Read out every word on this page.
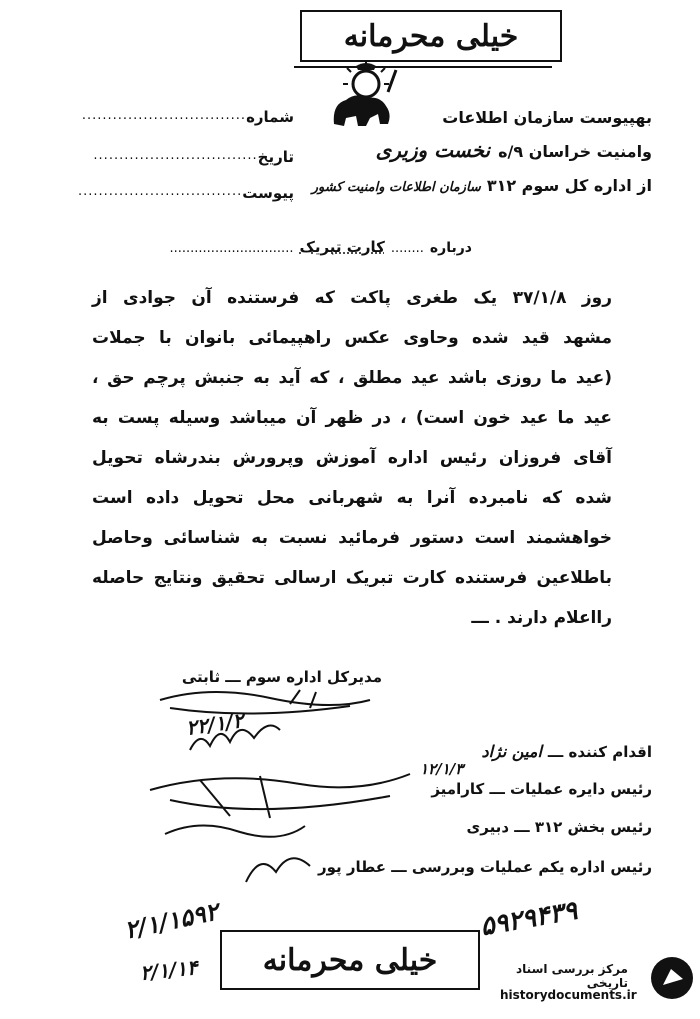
خیلی محرمانه
بهپیوست سازمان اطلاعات
وامنیت خراسان ۹/ه
نخست وزیری
از اداره کل سوم ۳۱۲
سازمان اطلاعات وامنیت کشور
شماره
................................
تاریخ
................................
پیوست
................................
درباره
........
کارت تبریک
..............................
روز ۳۷/۱/۸ یک طغری پاکت که فرستنده آن جوادی از
مشهد قید شده وحاوی عکس راهپیمائی بانوان با جملات
(عید ما روزی باشد عید مطلق ، که آید به جنبش پرچم حق ،
عید ما عید خون است) ، در ظهر آن میباشد وسیله پست به
آقای فروزان رئیس اداره آموزش وپرورش بندرشاه تحویل
شده که نامبرده آنرا به شهربانی محل تحویل داده است
خواهشمند است دستور فرمائید نسبت به شناسائی وحاصل
باطلاعین فرستنده کارت تبریک ارسالی تحقیق ونتایج حاصله
رااعلام دارند . ـــ
مدیرکل اداره سوم ـــ ثابتی
اقدام کننده ـــ
امین نژاد
۱۲/۱/۳
رئیس دایره عملیات ـــ کارامیز
رئیس بخش ۳۱۲ ـــ دبیری
رئیس اداره یکم عملیات وبررسی ـــ عطار پور
۲۲/۱/۲
۲/۱/۱۵۹۲
۲/۱/۱۴
۵۹۲۹۴۳۹
خیلی محرمانه	مرکز بررسی اسناد تاریخی
historydocuments.ir
